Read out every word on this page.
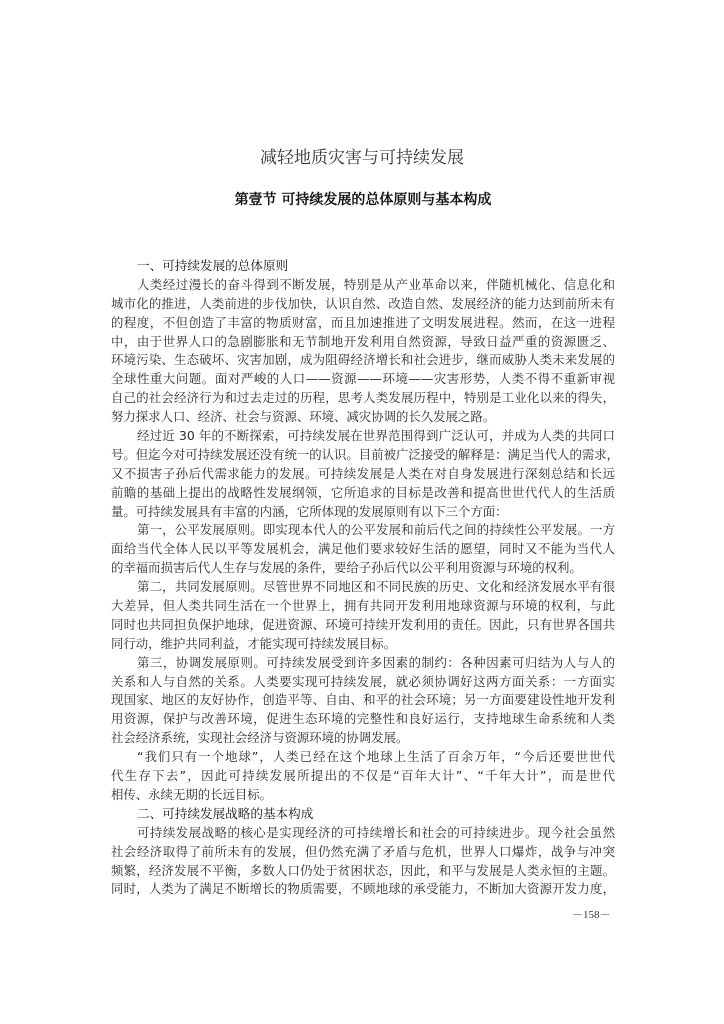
减轻地质灾害与可持续发展
第壹节 可持续发展的总体原则与基本构成
一、可持续发展的总体原则
人类经过漫长的奋斗得到不断发展，特别是从产业革命以来，伴随机械化、信息化和
城市化的推进，人类前进的步伐加快，认识自然、改造自然、发展经济的能力达到前所未有
的程度，不但创造了丰富的物质财富，而且加速推进了文明发展进程。然而，在这一进程
中，由于世界人口的急剧膨胀和无节制地开发利用自然资源，导致日益严重的资源匮乏、
环境污染、生态破坏、灾害加剧，成为阻碍经济增长和社会进步，继而威胁人类未来发展的
全球性重大问题。面对严峻的人口——资源——环境——灾害形势，人类不得不重新审视
自己的社会经济行为和过去走过的历程，思考人类发展历程中，特别是工业化以来的得失，
努力探求人口、经济、社会与资源、环境、减灾协调的长久发展之路。
经过近 30 年的不断探索，可持续发展在世界范围得到广泛认可，并成为人类的共同口
号。但迄今对可持续发展还没有统一的认识。目前被广泛接受的解释是：满足当代人的需求，
又不损害子孙后代需求能力的发展。可持续发展是人类在对自身发展进行深刻总结和长远
前瞻的基础上提出的战略性发展纲领，它所追求的目标是改善和提高世世代代人的生活质
量。可持续发展具有丰富的内涵，它所体现的发展原则有以下三个方面：
第一，公平发展原则。即实现本代人的公平发展和前后代之间的持续性公平发展。一方
面给当代全体人民以平等发展机会，满足他们要求较好生活的愿望，同时又不能为当代人
的幸福而损害后代人生存与发展的条件，要给子孙后代以公平利用资源与环境的权利。
第二，共同发展原则。尽管世界不同地区和不同民族的历史、文化和经济发展水平有很
大差异，但人类共同生活在一个世界上，拥有共同开发利用地球资源与环境的权利，与此
同时也共同担负保护地球，促进资源、环境可持续开发利用的责任。因此，只有世界各国共
同行动，维护共同利益，才能实现可持续发展目标。
第三，协调发展原则。可持续发展受到许多因素的制约：各种因素可归结为人与人的
关系和人与自然的关系。人类要实现可持续发展，就必须协调好这两方面关系：一方面实
现国家、地区的友好协作，创造平等、自由、和平的社会环境；另一方面要建设性地开发利
用资源，保护与改善环境，促进生态环境的完整性和良好运行，支持地球生命系统和人类
社会经济系统，实现社会经济与资源环境的协调发展。
“我们只有一个地球”，人类已经在这个地球上生活了百余万年，“今后还要世世代
代生存下去”，因此可持续发展所提出的不仅是“百年大计”、“千年大计”，而是世代
相传、永续无期的长远目标。
二、可持续发展战略的基本构成
可持续发展战略的核心是实现经济的可持续增长和社会的可持续进步。现今社会虽然
社会经济取得了前所未有的发展，但仍然充满了矛盾与危机，世界人口爆炸，战争与冲突
频繁，经济发展不平衡，多数人口仍处于贫困状态，因此，和平与发展是人类永恒的主题。
同时，人类为了满足不断增长的物质需要，不顾地球的承受能力，不断加大资源开发力度，
－158－
